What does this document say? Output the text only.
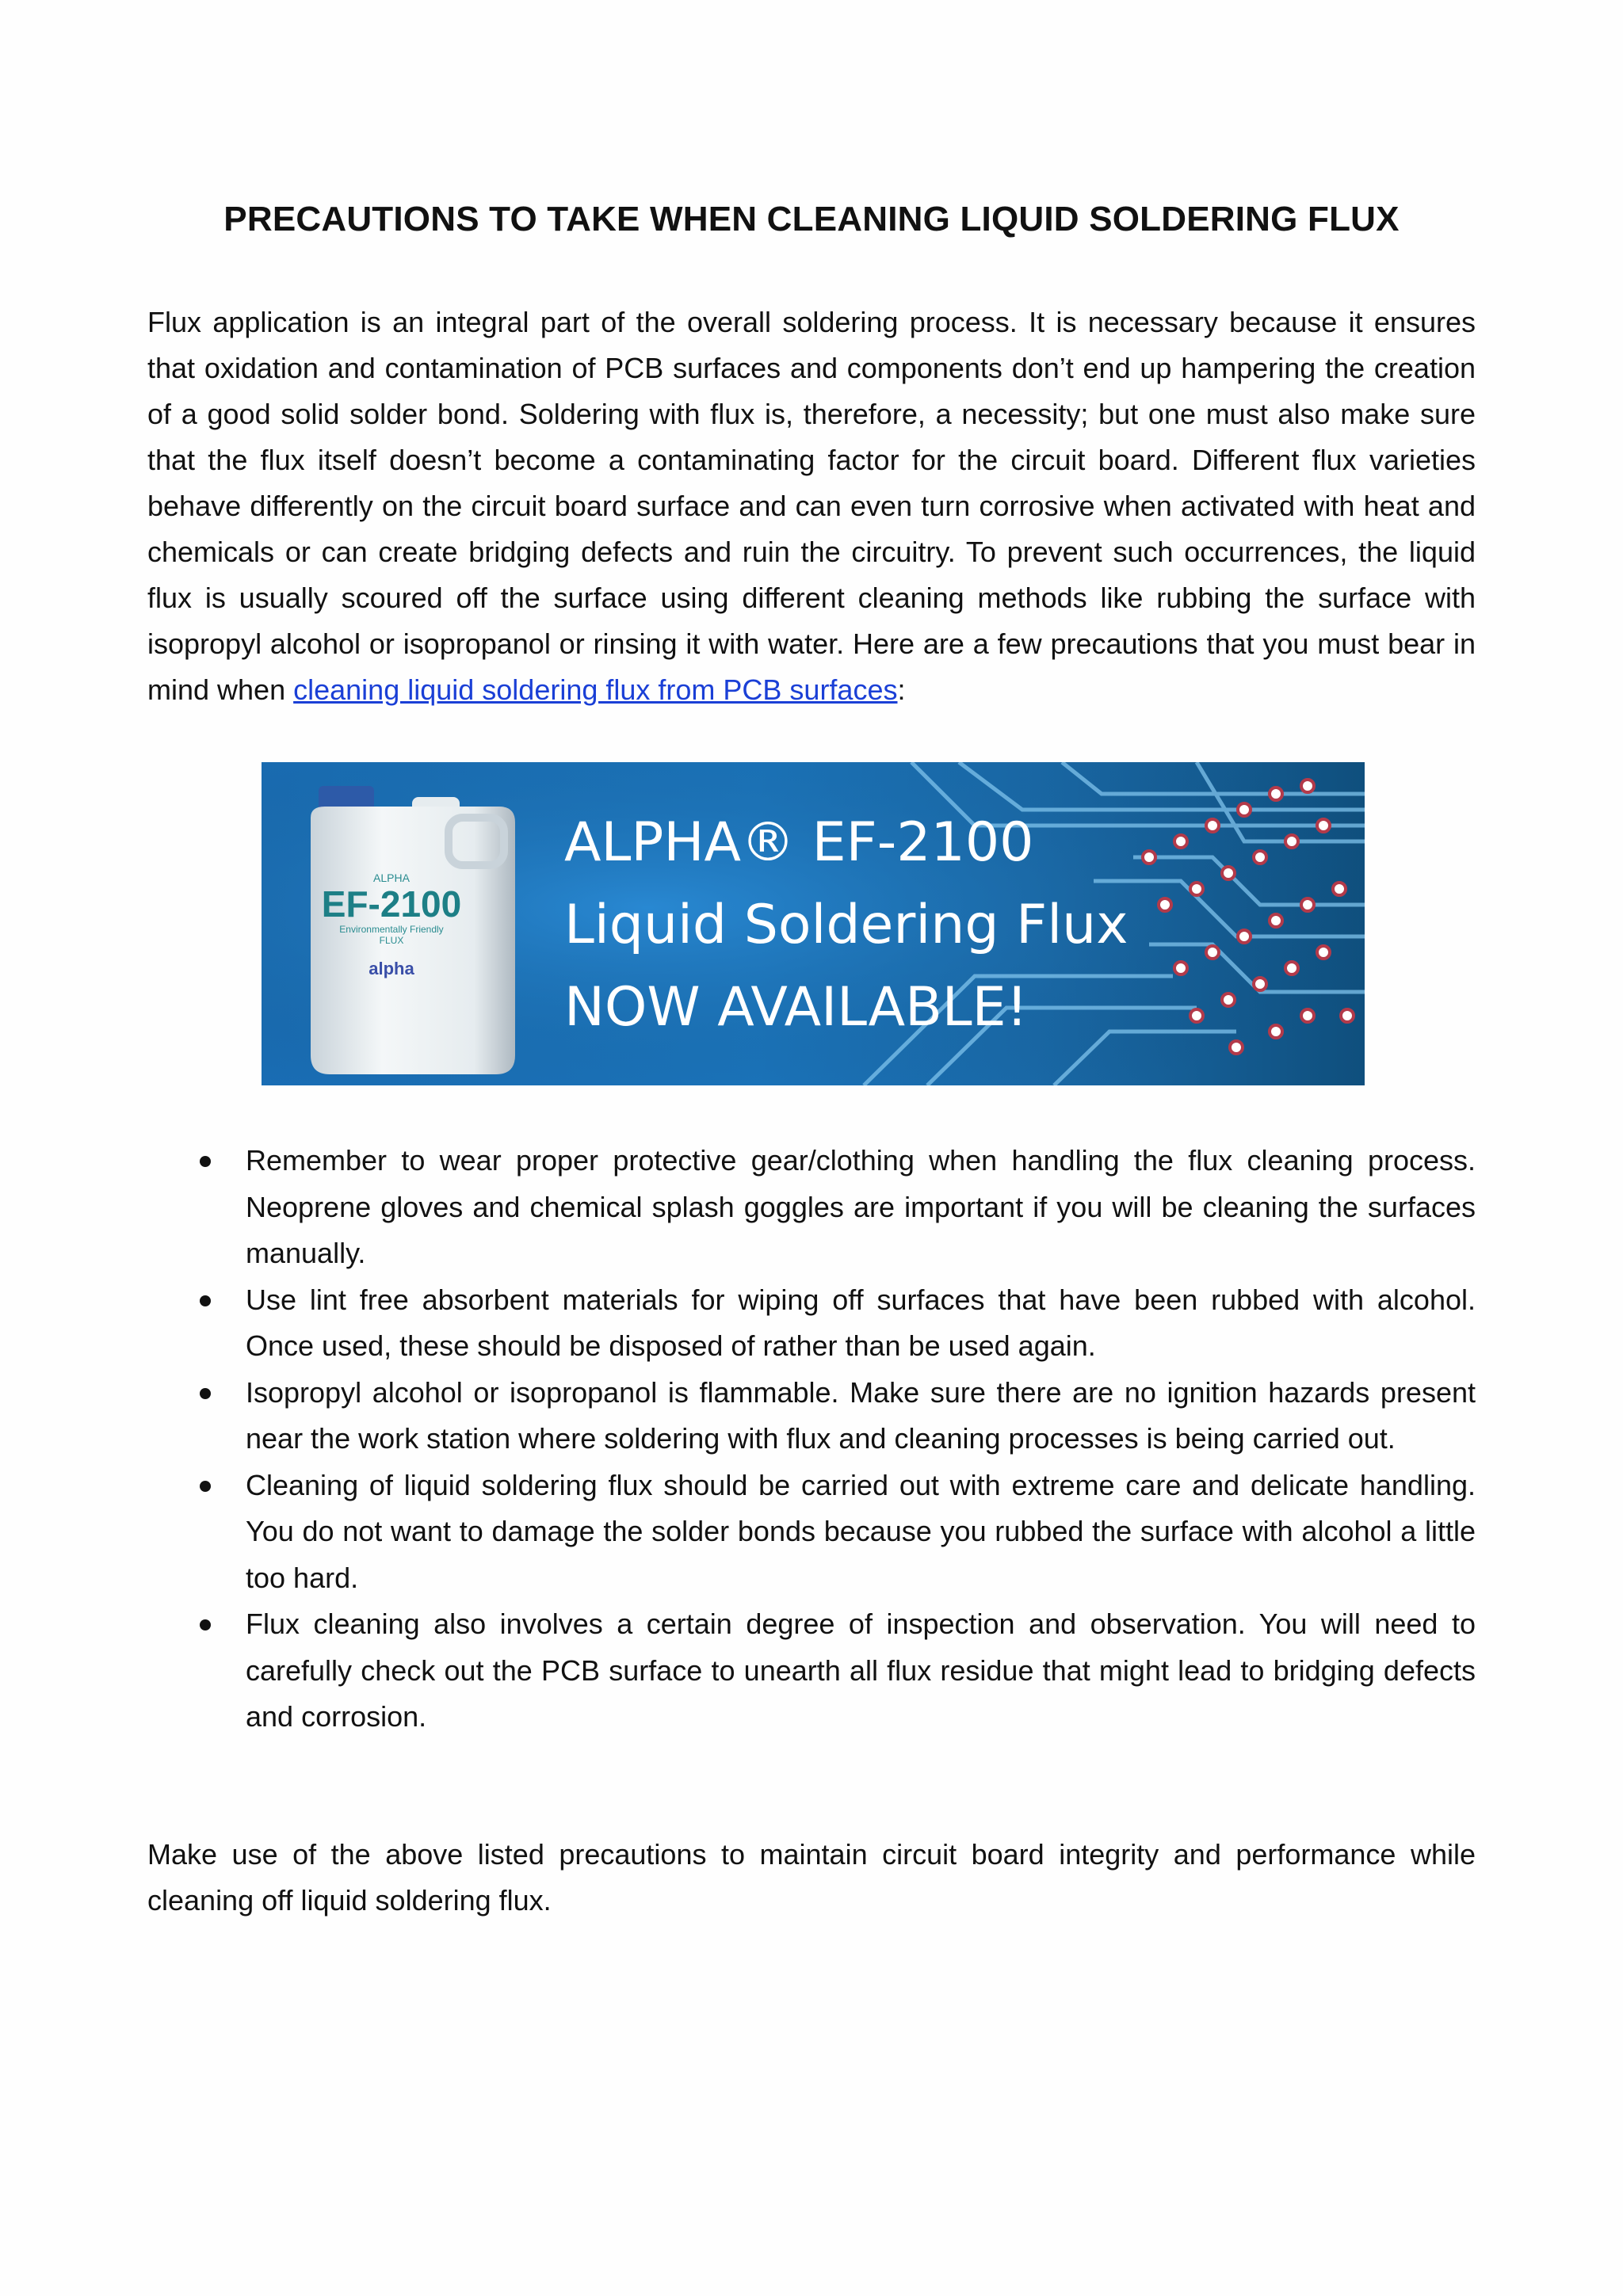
PRECAUTIONS TO TAKE WHEN CLEANING LIQUID SOLDERING FLUX

Flux application is an integral part of the overall soldering process. It is necessary because it ensures that oxidation and contamination of PCB surfaces and components don’t end up hampering the creation of a good solid solder bond. Soldering with flux is, therefore, a necessity; but one must also make sure that the flux itself doesn’t become a contaminating factor for the circuit board. Different flux varieties behave differently on the circuit board surface and can even turn corrosive when activated with heat and chemicals or can create bridging defects and ruin the circuitry. To prevent such occurrences, the liquid flux is usually scoured off the surface using different cleaning methods like rubbing the surface with isopropyl alcohol or isopropanol or rinsing it with water. Here are a few precautions that you must bear in mind when cleaning liquid soldering flux from PCB surfaces:

ALPHA
EF-2100
Environmentally Friendly
FLUX
alpha
ALPHA® EF-2100
Liquid Soldering Flux
NOW AVAILABLE!
Remember to wear proper protective gear/clothing when handling the flux cleaning process. Neoprene gloves and chemical splash goggles are important if you will be cleaning the surfaces manually.
Use lint free absorbent materials for wiping off surfaces that have been rubbed with alcohol. Once used, these should be disposed of rather than be used again.
Isopropyl alcohol or isopropanol is flammable. Make sure there are no ignition hazards present near the work station where soldering with flux and cleaning processes is being carried out.
Cleaning of liquid soldering flux should be carried out with extreme care and delicate handling. You do not want to damage the solder bonds because you rubbed the surface with alcohol a little too hard.
Flux cleaning also involves a certain degree of inspection and observation. You will need to carefully check out the PCB surface to unearth all flux residue that might lead to bridging defects and corrosion.

Make use of the above listed precautions to maintain circuit board integrity and performance while cleaning off liquid soldering flux.
